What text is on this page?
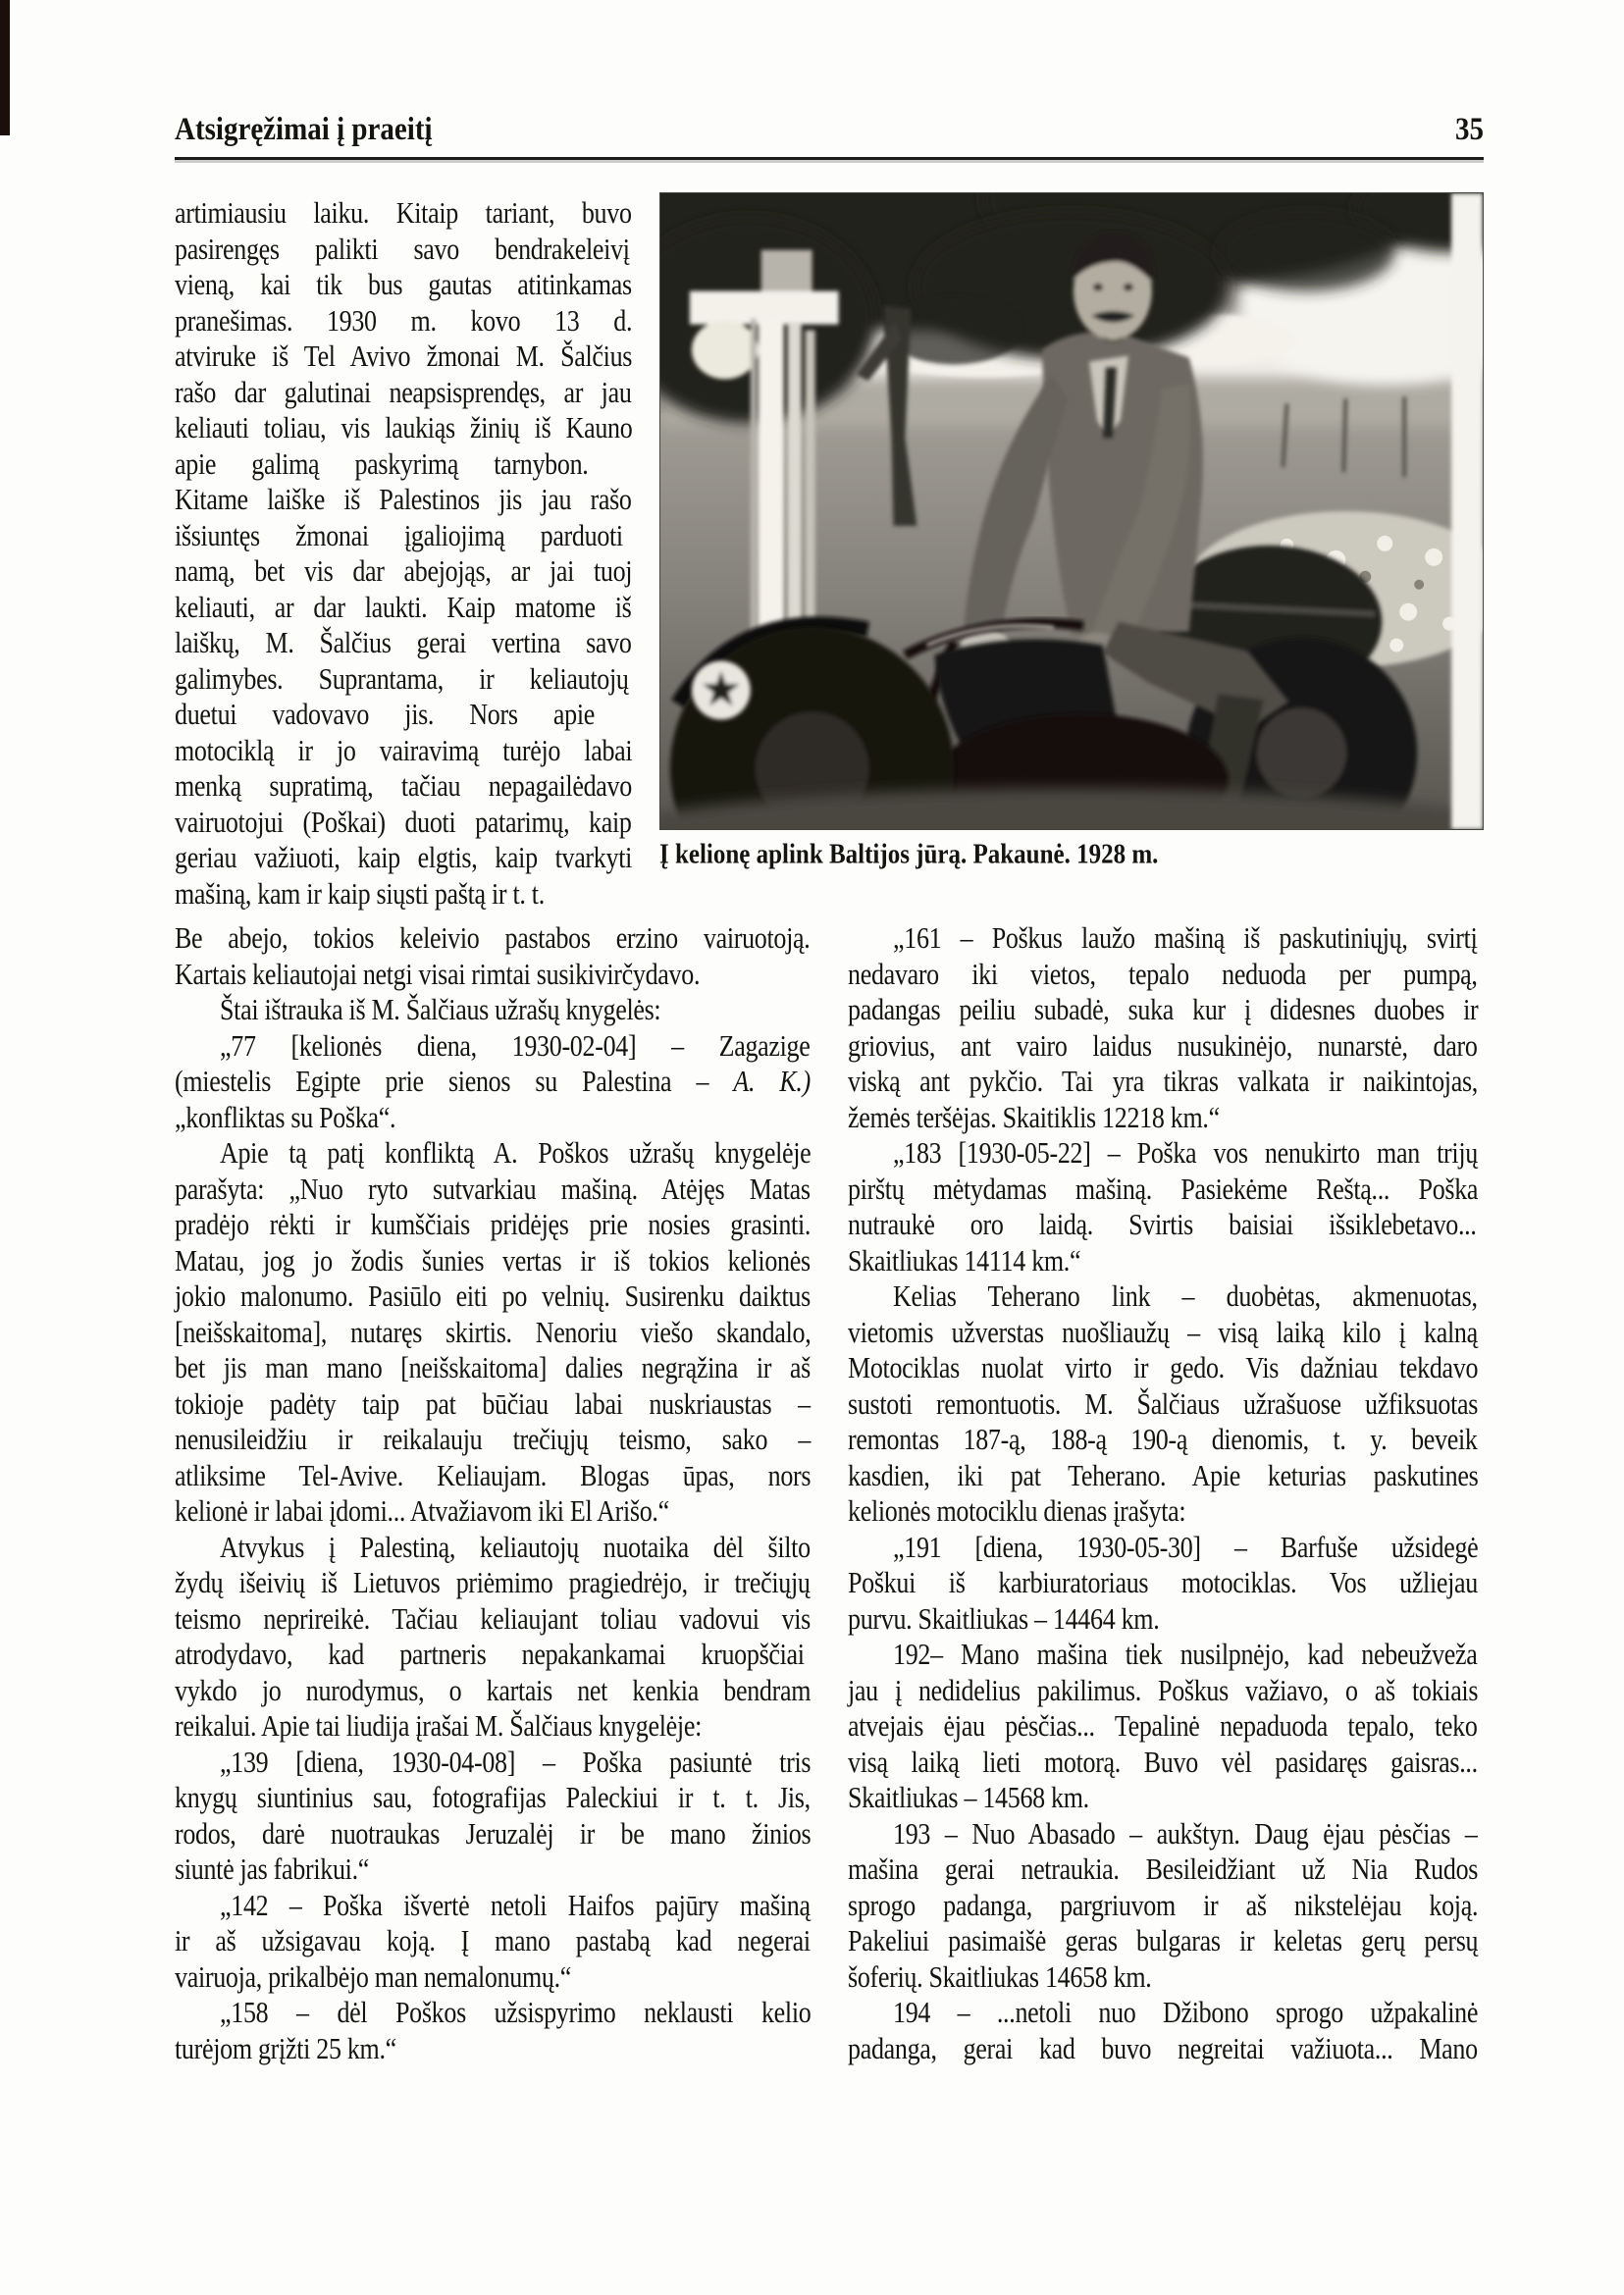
Atsigręžimai į praeitį	35
artimiausiu laiku. Kitaip tariant, buvo
pasirengęs palikti savo bendrakeleivį
vieną, kai tik bus gautas atitinkamas
pranešimas. 1930 m. kovo 13 d.
atviruke iš Tel Avivo žmonai M. Šalčius
rašo dar galutinai neapsisprendęs, ar jau
keliauti toliau, vis laukiąs žinių iš Kauno
apie galimą paskyrimą tarnybon.
Kitame laiške iš Palestinos jis jau rašo
išsiuntęs žmonai įgaliojimą parduoti
namą, bet vis dar abejojąs, ar jai tuoj
keliauti, ar dar laukti. Kaip matome iš
laiškų, M. Šalčius gerai vertina savo
galimybes. Suprantama, ir keliautojų
duetui vadovavo jis. Nors apie
motociklą ir jo vairavimą turėjo labai
menką supratimą, tačiau nepagailėdavo
vairuotojui (Poškai) duoti patarimų, kaip
geriau važiuoti, kaip elgtis, kaip tvarkyti
mašiną, kam ir kaip siųsti paštą ir t. t.
Į kelionę aplink Baltijos jūrą. Pakaunė. 1928 m.
Be abejo, tokios keleivio pastabos erzino vairuotoją.
Kartais keliautojai netgi visai rimtai susikivirčydavo.
Štai ištrauka iš M. Šalčiaus užrašų knygelės:
„77 [kelionės diena, 1930-02-04] – Zagazige
(miestelis Egipte prie sienos su Palestina – A. K.)
„konfliktas su Poška“.
Apie tą patį konfliktą A. Poškos užrašų knygelėje
parašyta: „Nuo ryto sutvarkiau mašiną. Atėjęs Matas
pradėjo rėkti ir kumščiais pridėjęs prie nosies grasinti.
Matau, jog jo žodis šunies vertas ir iš tokios kelionės
jokio malonumo. Pasiūlo eiti po velnių. Susirenku daiktus
[neišskaitoma], nutaręs skirtis. Nenoriu viešo skandalo,
bet jis man mano [neišskaitoma] dalies negrąžina ir aš
tokioje padėty taip pat būčiau labai nuskriaustas –
nenusileidžiu ir reikalauju trečiųjų teismo, sako –
atliksime Tel-Avive. Keliaujam. Blogas ūpas, nors
kelionė ir labai įdomi... Atvažiavom iki El Arišo.“
Atvykus į Palestiną, keliautojų nuotaika dėl šilto
žydų išeivių iš Lietuvos priėmimo pragiedrėjo, ir trečiųjų
teismo neprireikė. Tačiau keliaujant toliau vadovui vis
atrodydavo, kad partneris nepakankamai kruopščiai
vykdo jo nurodymus, o kartais net kenkia bendram
reikalui. Apie tai liudija įrašai M. Šalčiaus knygelėje:
„139 [diena, 1930-04-08] – Poška pasiuntė tris
knygų siuntinius sau, fotografijas Paleckiui ir t. t. Jis,
rodos, darė nuotraukas Jeruzalėj ir be mano žinios
siuntė jas fabrikui.“
„142 – Poška išvertė netoli Haifos pajūry mašiną
ir aš užsigavau koją. Į mano pastabą kad negerai
vairuoja, prikalbėjo man nemalonumų.“
„158 – dėl Poškos užsispyrimo neklausti kelio
turėjom grįžti 25 km.“
„161 – Poškus laužo mašiną iš paskutiniųjų, svirtį
nedavaro iki vietos, tepalo neduoda per pumpą,
padangas peiliu subadė, suka kur į didesnes duobes ir
griovius, ant vairo laidus nusukinėjo, nunarstė, daro
viską ant pykčio. Tai yra tikras valkata ir naikintojas,
žemės teršėjas. Skaitiklis 12218 km.“
„183 [1930-05-22] – Poška vos nenukirto man trijų
pirštų mėtydamas mašiną. Pasiekėme Reštą... Poška
nutraukė oro laidą. Svirtis baisiai išsiklebetavo...
Skaitliukas 14114 km.“
Kelias Teherano link – duobėtas, akmenuotas,
vietomis užverstas nuošliaužų – visą laiką kilo į kalną
Motociklas nuolat virto ir gedo. Vis dažniau tekdavo
sustoti remontuotis. M. Šalčiaus užrašuose užfiksuotas
remontas 187-ą, 188-ą 190-ą dienomis, t. y. beveik
kasdien, iki pat Teherano. Apie keturias paskutines
kelionės motociklu dienas įrašyta:
„191 [diena, 1930-05-30] – Barfuše užsidegė
Poškui iš karbiuratoriaus motociklas. Vos užliejau
purvu. Skaitliukas – 14464 km.
192– Mano mašina tiek nusilpnėjo, kad nebeužveža
jau į nedidelius pakilimus. Poškus važiavo, o aš tokiais
atvejais ėjau pėsčias... Tepalinė nepaduoda tepalo, teko
visą laiką lieti motorą. Buvo vėl pasidaręs gaisras...
Skaitliukas – 14568 km.
193 – Nuo Abasado – aukštyn. Daug ėjau pėsčias –
mašina gerai netraukia. Besileidžiant už Nia Rudos
sprogo padanga, pargriuvom ir aš nikstelėjau koją.
Pakeliui pasimaišė geras bulgaras ir keletas gerų persų
šoferių. Skaitliukas 14658 km.
194 – ...netoli nuo Džibono sprogo užpakalinė
padanga, gerai kad buvo negreitai važiuota... Mano
